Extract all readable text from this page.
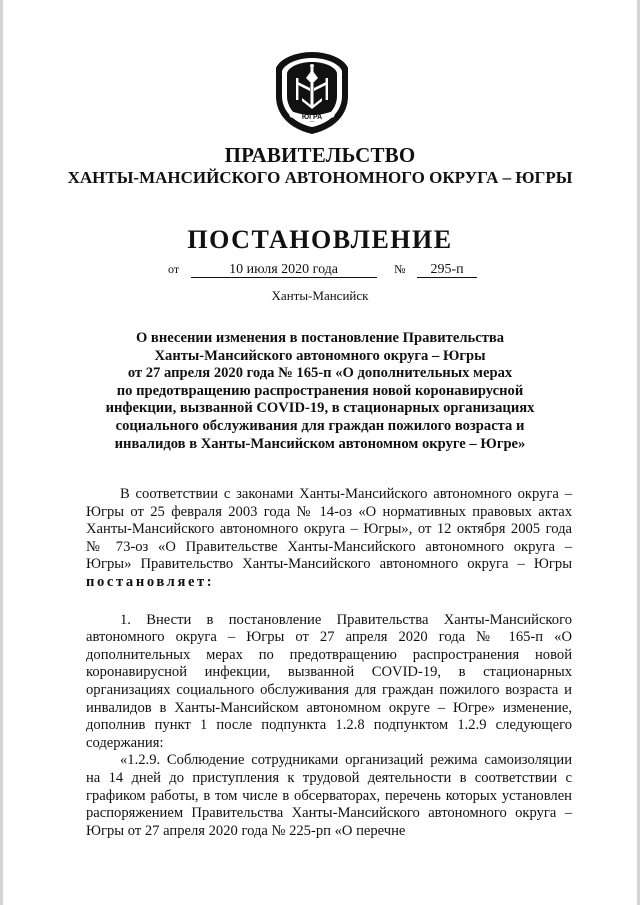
ЮГРА
ПРАВИТЕЛЬСТВО
ХАНТЫ-МАНСИЙСКОГО АВТОНОМНОГО ОКРУГА – ЮГРЫ
ПОСТАНОВЛЕНИЕ
от	10 июля 2020 года	№ 295-п
Ханты-Мансийск
О внесении изменения в постановление Правительства
Ханты-Мансийского автономного округа – Югры
от 27 апреля 2020 года № 165-п «О дополнительных мерах
по предотвращению распространения новой коронавирусной
инфекции, вызванной COVID-19, в стационарных организациях
социального обслуживания для граждан пожилого возраста и
инвалидов в Ханты-Мансийском автономном округе – Югре»

В соответствии с законами Ханты-Мансийского автономного округа – Югры от 25 февраля 2003 года № 14-оз «О нормативных правовых актах Ханты-Мансийского автономного округа – Югры», от 12 октября 2005 года № 73-оз «О Правительстве Ханты-Мансийского автономного округа – Югры» Правительство Ханты-Мансийского автономного округа – Югры постановляет:

1. Внести в постановление Правительства Ханты-Мансийского автономного округа – Югры от 27 апреля 2020 года № 165-п «О дополнительных мерах по предотвращению распространения новой коронавирусной инфекции, вызванной COVID-19, в стационарных организациях социального обслуживания для граждан пожилого возраста и инвалидов в Ханты-Мансийском автономном округе – Югре» изменение, дополнив пункт 1 после подпункта 1.2.8 подпунктом 1.2.9 следующего содержания:

«1.2.9. Соблюдение сотрудниками организаций режима самоизоляции на 14 дней до приступления к трудовой деятельности в соответствии с графиком работы, в том числе в обсерваторах, перечень которых установлен распоряжением Правительства Ханты-Мансийского автономного округа – Югры от 27 апреля 2020 года № 225-рп «О перечне
